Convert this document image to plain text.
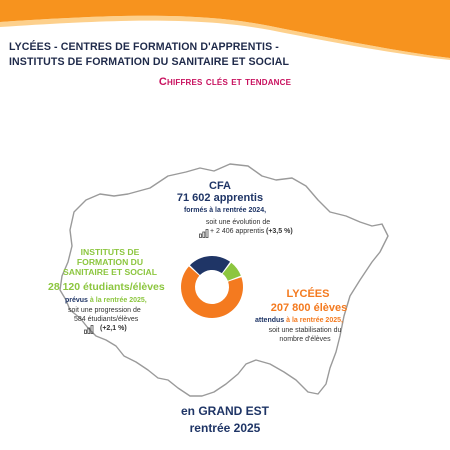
LYCÉES - CENTRES DE FORMATION D'APPRENTIS -
INSTITUTS DE FORMATION DU SANITAIRE ET SOCIAL
Chiffres clés et tendance
CFA
71 602 apprentis
formés à la rentrée 2024,
soit une évolution de
+ 2 406 apprentis (+3,5 %)
INSTITUTS DE
FORMATION DU
SANITAIRE ET SOCIAL
28 120 étudiants/élèves
prévus à la rentrée 2025,
soit une progression de
584 étudiants/élèves
(+2,1 %)
LYCÉES
207 800 élèves
attendus à la rentrée 2025,
soit une stabilisation du
nombre d'élèves
en GRAND EST
rentrée 2025
